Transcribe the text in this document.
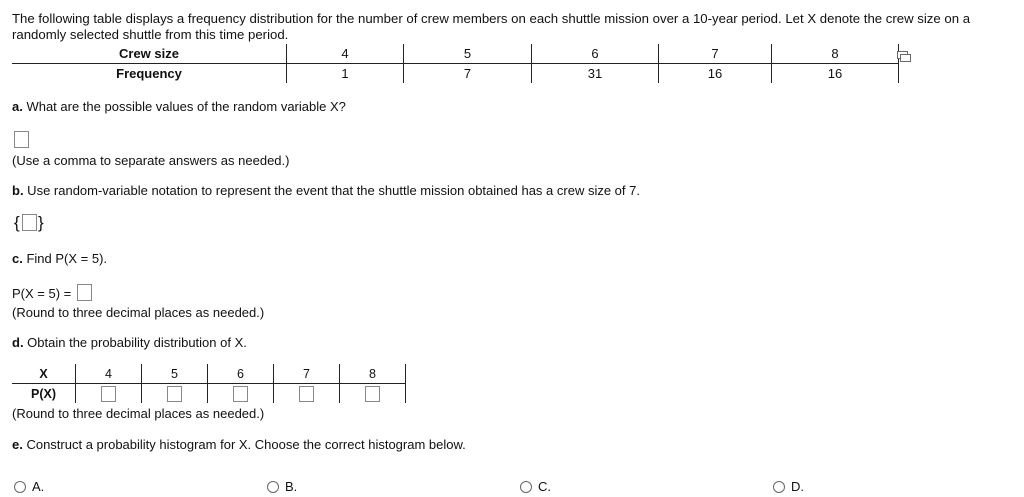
The following table displays a frequency distribution for the number of crew members on each shuttle mission over a 10-year period. Let X denote the crew size on a randomly selected shuttle from this time period.
Crew size	4	5	6	7	8
Frequency	1	7	31	16	16
a. What are the possible values of the random variable X?
(Use a comma to separate answers as needed.)
b. Use random-variable notation to represent the event that the shuttle mission obtained has a crew size of 7.
{ }
c. Find P(X = 5).
P(X = 5) =
(Round to three decimal places as needed.)
d. Obtain the probability distribution of X.
X	4	5	6	7	8
P(X)					
(Round to three decimal places as needed.)
e. Construct a probability histogram for X. Choose the correct histogram below.
A.	B.	C.	D.
